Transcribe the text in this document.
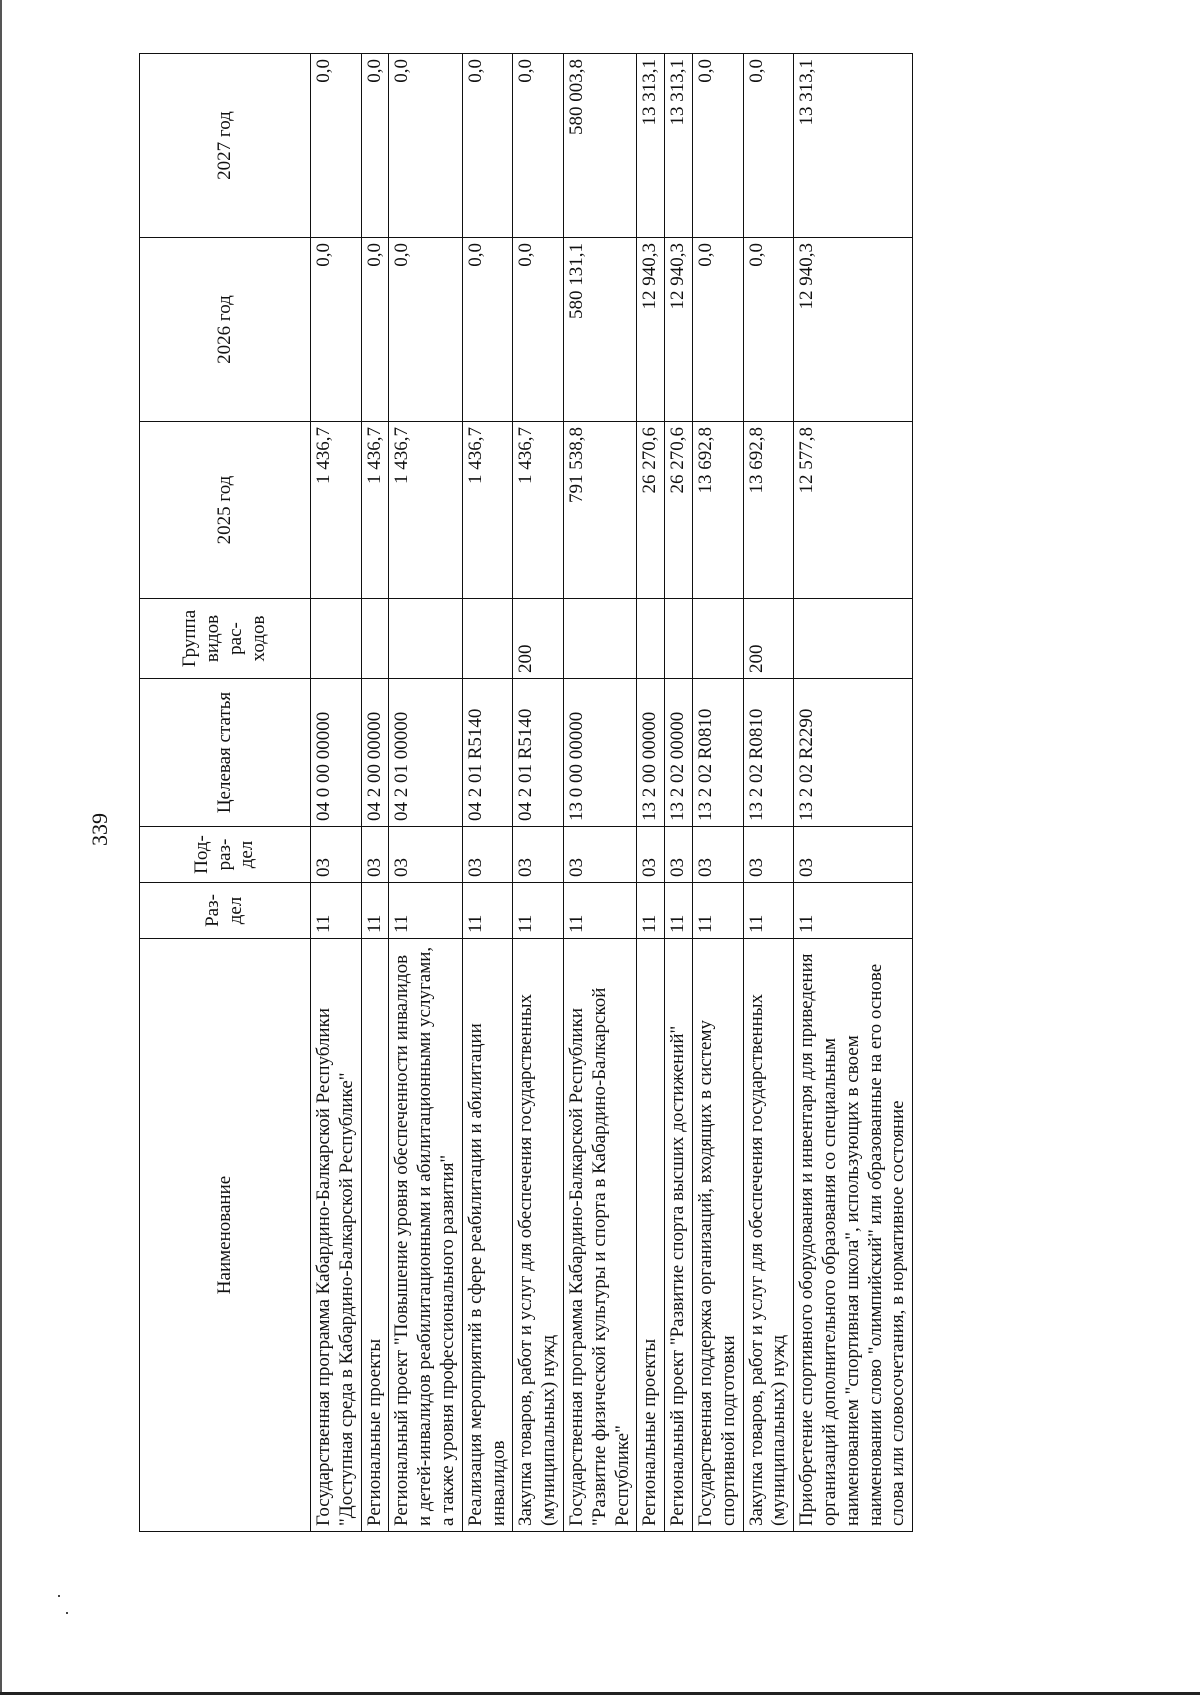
339
Наименование	Раз-дел	Под-раз-дел	Целевая статья	Группа видов рас-ходов	2025 год	2026 год	2027 год
Государственная программа Кабардино-Балкарской Республики "Доступная среда в Кабардино-Балкарской Республике"	11	03	04 0 00 00000		1 436,7	0,0	0,0
Региональные проекты	11	03	04 2 00 00000		1 436,7	0,0	0,0
Региональный проект "Повышение уровня обеспеченности инвалидов и детей-инвалидов реабилитационными и абилитационными услугами, а также уровня профессионального развития"	11	03	04 2 01 00000		1 436,7	0,0	0,0
Реализация мероприятий в сфере реабилитации и абилитации инвалидов	11	03	04 2 01 R5140		1 436,7	0,0	0,0
Закупка товаров, работ и услуг для обеспечения государственных (муниципальных) нужд	11	03	04 2 01 R5140	200	1 436,7	0,0	0,0
Государственная программа Кабардино-Балкарской Республики "Развитие физической культуры и спорта в Кабардино-Балкарской Республике"	11	03	13 0 00 00000		791 538,8	580 131,1	580 003,8
Региональные проекты	11	03	13 2 00 00000		26 270,6	12 940,3	13 313,1
Региональный проект "Развитие спорта высших достижений"	11	03	13 2 02 00000		26 270,6	12 940,3	13 313,1
Государственная поддержка организаций, входящих в систему спортивной подготовки	11	03	13 2 02 R0810		13 692,8	0,0	0,0
Закупка товаров, работ и услуг для обеспечения государственных (муниципальных) нужд	11	03	13 2 02 R0810	200	13 692,8	0,0	0,0
Приобретение спортивного оборудования и инвентаря для приведения организаций дополнительного образования со специальным наименованием "спортивная школа", использующих в своем наименовании слово "олимпийский" или образованные на его основе слова или словосочетания, в нормативное состояние	11	03	13 2 02 R2290		12 577,8	12 940,3	13 313,1
